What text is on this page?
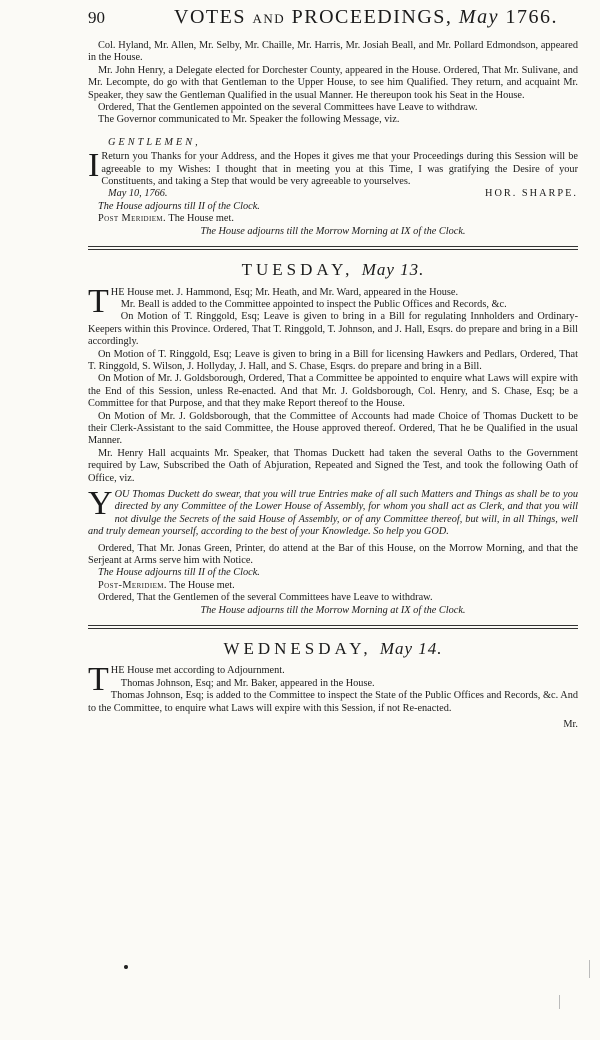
90	VOTES AND PROCEEDINGS, May 1766.

Col. Hyland, Mr. Allen, Mr. Selby, Mr. Chaille, Mr. Harris, Mr. Josiah Beall, and Mr. Pollard Edmondson, appeared in the House.

Mr. John Henry, a Delegate elected for Dorchester County, appeared in the House. Ordered, That Mr. Sulivane, and Mr. Lecompte, do go with that Gentleman to the Upper House, to see him Qualified. They return, and acquaint Mr. Speaker, they saw the Gentleman Qualified in the usual Manner. He thereupon took his Seat in the House.

Ordered, That the Gentlemen appointed on the several Committees have Leave to withdraw.

The Governor communicated to Mr. Speaker the following Message, viz.

GENTLEMEN,

I Return you Thanks for your Address, and the Hopes it gives me that your Proceedings during this Session will be agreeable to my Wishes: I thought that in meeting you at this Time, I was gratifying the Desire of your Constituents, and taking a Step that would be very agreeable to yourselves.

May 10, 1766.	HOR. SHARPE.

The House adjourns till II of the Clock.

Post Meridiem. The House met.

The House adjourns till the Morrow Morning at IX of the Clock.

TUESDAY, May 13.

T HE House met. J. Hammond, Esq; Mr. Heath, and Mr. Ward, appeared in the House.

Mr. Beall is added to the Committee appointed to inspect the Public Offices and Records, &c.

On Motion of T. Ringgold, Esq; Leave is given to bring in a Bill for regulating Innholders and Ordinary-Keepers within this Province. Ordered, That T. Ringgold, T. Johnson, and J. Hall, Esqrs. do prepare and bring in a Bill accordingly.

On Motion of T. Ringgold, Esq; Leave is given to bring in a Bill for licensing Hawkers and Pedlars, Ordered, That T. Ringgold, S. Wilson, J. Hollyday, J. Hall, and S. Chase, Esqrs. do prepare and bring in a Bill.

On Motion of Mr. J. Goldsborough, Ordered, That a Committee be appointed to enquire what Laws will expire with the End of this Session, unless Re-enacted. And that Mr. J. Goldsborough, Col. Henry, and S. Chase, Esq; be a Committee for that Purpose, and that they make Report thereof to the House.

On Motion of Mr. J. Goldsborough, that the Committee of Accounts had made Choice of Thomas Duckett to be their Clerk-Assistant to the said Committee, the House approved thereof. Ordered, That he be Qualified in the usual Manner.

Mr. Henry Hall acquaints Mr. Speaker, that Thomas Duckett had taken the several Oaths to the Government required by Law, Subscribed the Oath of Abjuration, Repeated and Signed the Test, and took the following Oath of Office, viz.

Y OU Thomas Duckett do swear, that you will true Entries make of all such Matters and Things as shall be to you directed by any Committee of the Lower House of Assembly, for whom you shall act as Clerk, and that you will not divulge the Secrets of the said House of Assembly, or of any Committee thereof, but will, in all Things, well and truly demean yourself, according to the best of your Knowledge. So help you GOD.

Ordered, That Mr. Jonas Green, Printer, do attend at the Bar of this House, on the Morrow Morning, and that the Serjeant at Arms serve him with Notice.

The House adjourns till II of the Clock.

Post-Meridiem. The House met.

Ordered, That the Gentlemen of the several Committees have Leave to withdraw.

The House adjourns till the Morrow Morning at IX of the Clock.

WEDNESDAY, May 14.

T HE House met according to Adjournment.

Thomas Johnson, Esq; and Mr. Baker, appeared in the House.

Thomas Johnson, Esq; is added to the Committee to inspect the State of the Public Offices and Records, &c. And to the Committee, to enquire what Laws will expire with this Session, if not Re-enacted.

Mr.
